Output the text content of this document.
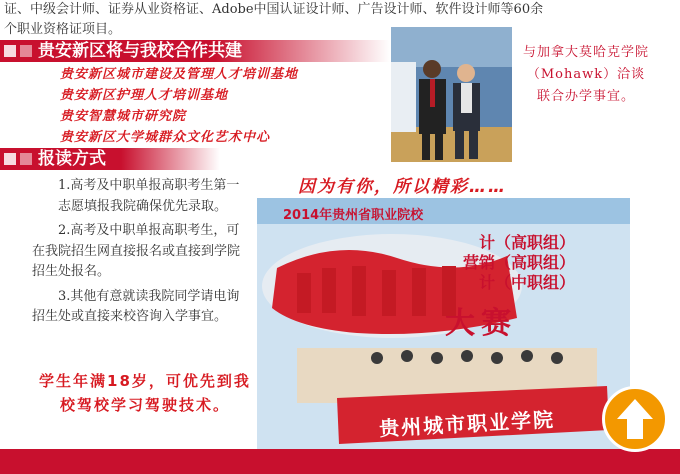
证、中级会计师、证券从业资格证、Adobe中国认证设计师、广告设计师、软件设计师等60余

个职业资格证项目。

贵安新区将与我校合作共建
贵安新区城市建设及管理人才培训基地
贵安新区护理人才培训基地
贵安智慧城市研究院
贵安新区大学城群众文化艺术中心
与加拿大莫哈克学院（Mohawk）洽谈联合办学事宜。
报读方式

1.高考及中职单报高职考生第一志愿填报我院确保优先录取。

2.高考及中职单报高职考生，可在我院招生网直接报名或直接到学院招生处报名。

3.其他有意就读我院同学请电询招生处或直接来校咨询入学事宜。

学生年满18岁，可优先到我校驾校学习驾驶技术。
因为有你，所以精彩……
2014年贵州省职业院校
计（高职组）
营销（高职组）
计（中职组）
大赛
贵州城市职业学院
